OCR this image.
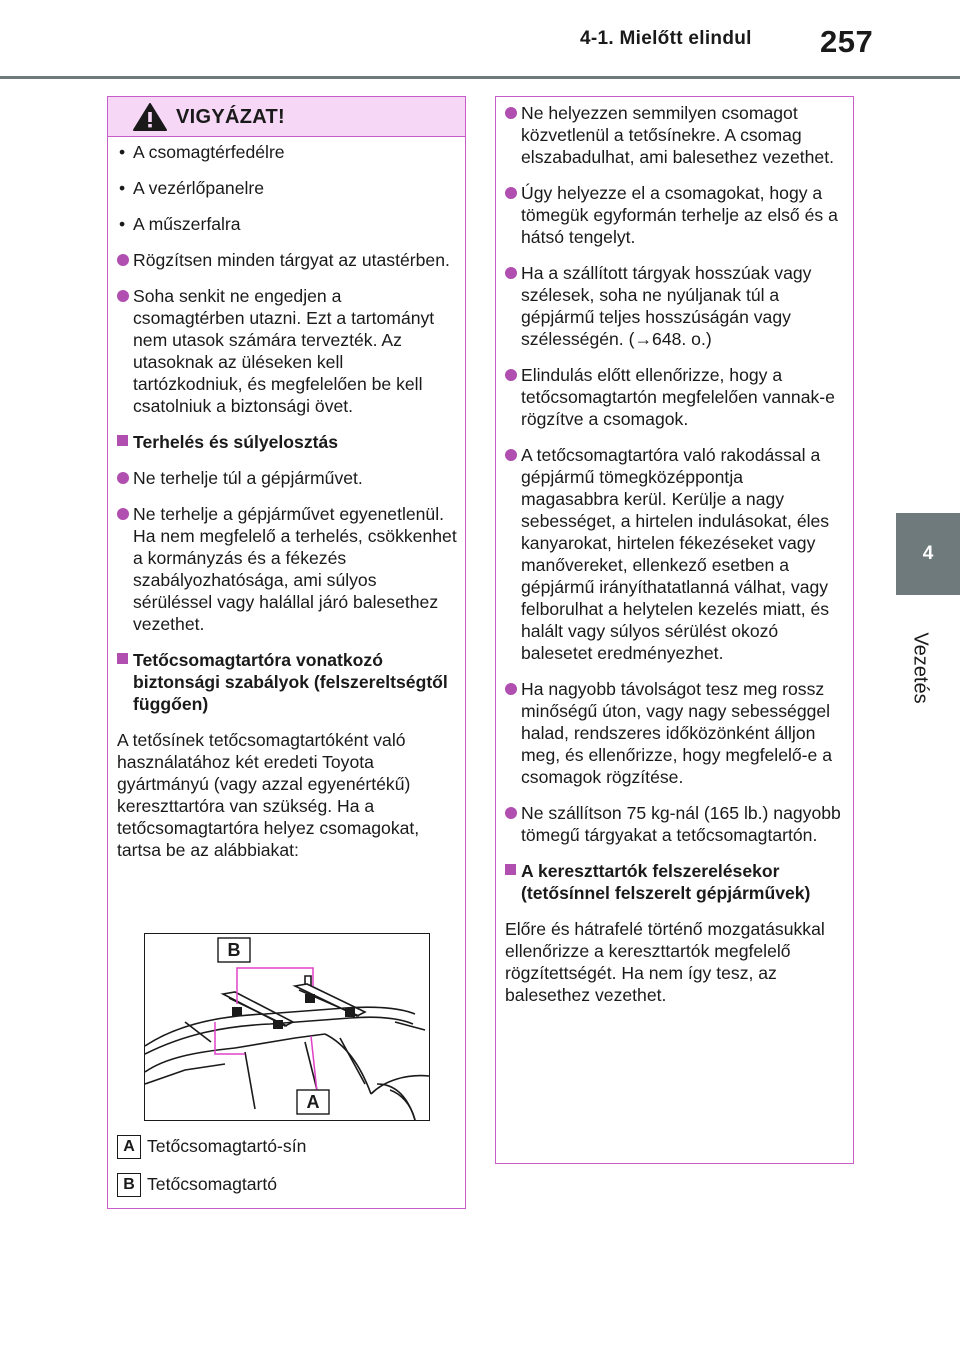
4-1. Mielőtt elindul 257
4
Vezetés
VIGYÁZAT!
• A csomagtérfedélre
• A vezérlőpanelre
• A műszerfalra
Rögzítsen minden tárgyat az utastérben.
Soha senkit ne engedjen a csomagtérben utazni. Ezt a tartományt nem utasok számára tervezték. Az utasoknak az üléseken kell tartózkodniuk, és megfelelően be kell csatolniuk a biztonsági övet.
Terhelés és súlyelosztás
Ne terhelje túl a gépjárművet.
Ne terhelje a gépjárművet egyenetlenül. Ha nem megfelelő a terhelés, csökkenhet a kormányzás és a fékezés szabályozhatósága, ami súlyos sérüléssel vagy halállal járó balesethez vezethet.
Tetőcsomagtartóra vonatkozó biztonsági szabályok (felszereltségtől függően)
A tetősínek tetőcsomagtartóként való használatához két eredeti Toyota gyártmányú (vagy azzal egyenértékű) kereszttartóra van szükség. Ha a tetőcsomagtartóra helyez csomagokat, tartsa be az alábbiakat:
B
A
A Tetőcsomagtartó-sín
B Tetőcsomagtartó
Ne helyezzen semmilyen csomagot közvetlenül a tetősínekre. A csomag elszabadulhat, ami balesethez vezethet.
Úgy helyezze el a csomagokat, hogy a tömegük egyformán terhelje az első és a hátsó tengelyt.
Ha a szállított tárgyak hosszúak vagy szélesek, soha ne nyúljanak túl a gépjármű teljes hosszúságán vagy szélességén. (→648. o.)
Elindulás előtt ellenőrizze, hogy a tetőcsomagtartón megfelelően vannak-e rögzítve a csomagok.
A tetőcsomagtartóra való rakodással a gépjármű tömegközéppontja magasabbra kerül. Kerülje a nagy sebességet, a hirtelen indulásokat, éles kanyarokat, hirtelen fékezéseket vagy manővereket, ellenkező esetben a gépjármű irányíthatatlanná válhat, vagy felborulhat a helytelen kezelés miatt, és halált vagy súlyos sérülést okozó balesetet eredményezhet.
Ha nagyobb távolságot tesz meg rossz minőségű úton, vagy nagy sebességgel halad, rendszeres időközönként álljon meg, és ellenőrizze, hogy megfelelő-e a csomagok rögzítése.
Ne szállítson 75 kg-nál (165 lb.) nagyobb tömegű tárgyakat a tetőcsomagtartón.
A kereszttartók felszerelésekor (tetősínnel felszerelt gépjárművek)
Előre és hátrafelé történő mozgatásukkal ellenőrizze a kereszttartók megfelelő rögzítettségét. Ha nem így tesz, az balesethez vezethet.
